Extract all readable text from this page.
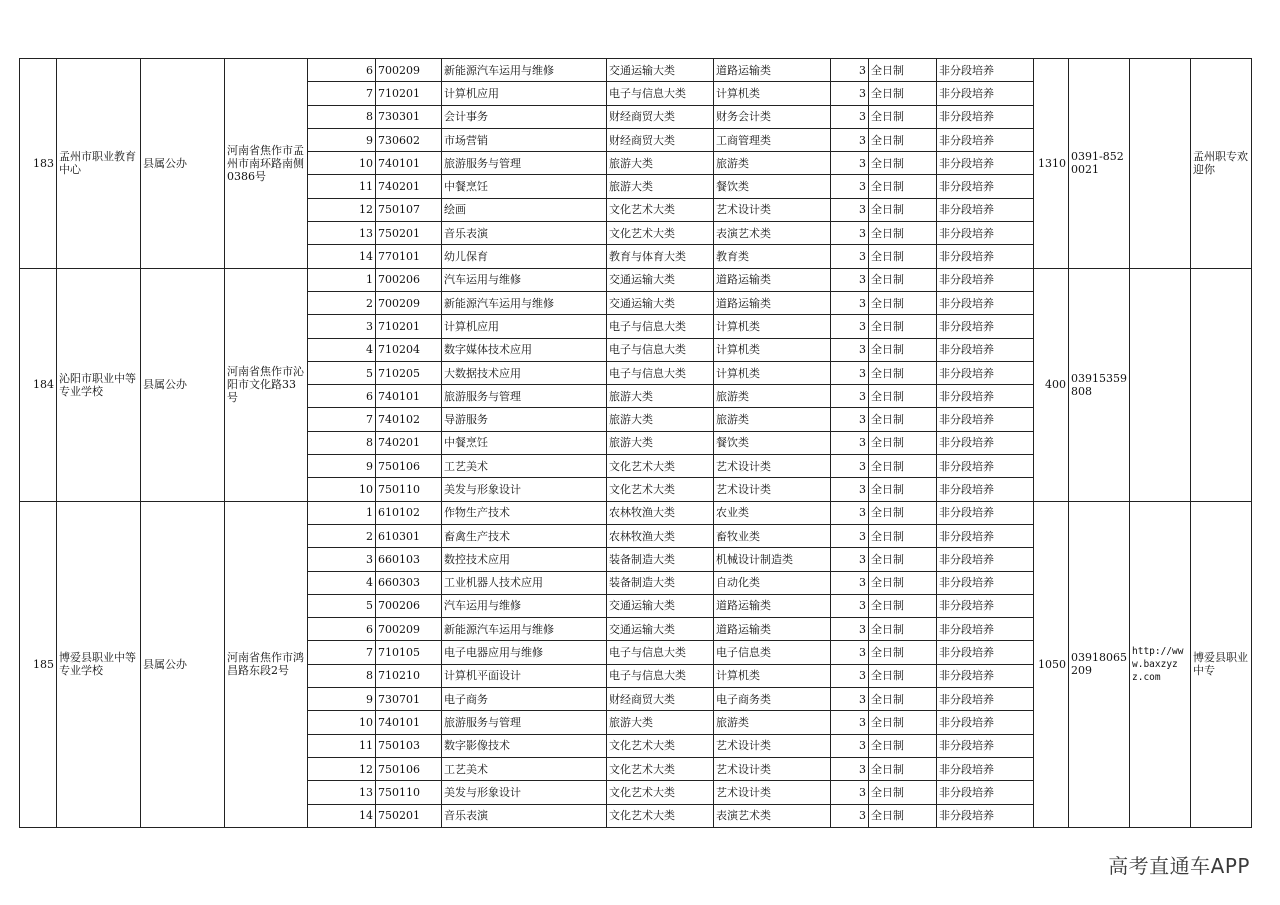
183	孟州市职业教育中心	县属公办	河南省焦作市孟州市南环路南侧0386号	6	700209	新能源汽车运用与维修	交通运输大类	道路运输类	3	全日制	非分段培养	1310	0391-8520021		孟州职专欢迎你
				7	710201	计算机应用	电子与信息大类	计算机类	3	全日制	非分段培养				
				8	730301	会计事务	财经商贸大类	财务会计类	3	全日制	非分段培养				
				9	730602	市场营销	财经商贸大类	工商管理类	3	全日制	非分段培养				
				10	740101	旅游服务与管理	旅游大类	旅游类	3	全日制	非分段培养				
				11	740201	中餐烹饪	旅游大类	餐饮类	3	全日制	非分段培养				
				12	750107	绘画	文化艺术大类	艺术设计类	3	全日制	非分段培养				
				13	750201	音乐表演	文化艺术大类	表演艺术类	3	全日制	非分段培养				
				14	770101	幼儿保育	教育与体育大类	教育类	3	全日制	非分段培养				
184	沁阳市职业中等专业学校	县属公办	河南省焦作市沁阳市文化路33号	1	700206	汽车运用与维修	交通运输大类	道路运输类	3	全日制	非分段培养	400	03915359808		
				2	700209	新能源汽车运用与维修	交通运输大类	道路运输类	3	全日制	非分段培养				
				3	710201	计算机应用	电子与信息大类	计算机类	3	全日制	非分段培养				
				4	710204	数字媒体技术应用	电子与信息大类	计算机类	3	全日制	非分段培养				
				5	710205	大数据技术应用	电子与信息大类	计算机类	3	全日制	非分段培养				
				6	740101	旅游服务与管理	旅游大类	旅游类	3	全日制	非分段培养				
				7	740102	导游服务	旅游大类	旅游类	3	全日制	非分段培养				
				8	740201	中餐烹饪	旅游大类	餐饮类	3	全日制	非分段培养				
				9	750106	工艺美术	文化艺术大类	艺术设计类	3	全日制	非分段培养				
				10	750110	美发与形象设计	文化艺术大类	艺术设计类	3	全日制	非分段培养				
185	博爱县职业中等专业学校	县属公办	河南省焦作市鸿昌路东段2号	1	610102	作物生产技术	农林牧渔大类	农业类	3	全日制	非分段培养	1050	03918065209	http://www.baxzyzz.com	博爱县职业中专
				2	610301	畜禽生产技术	农林牧渔大类	畜牧业类	3	全日制	非分段培养				
				3	660103	数控技术应用	装备制造大类	机械设计制造类	3	全日制	非分段培养				
				4	660303	工业机器人技术应用	装备制造大类	自动化类	3	全日制	非分段培养				
				5	700206	汽车运用与维修	交通运输大类	道路运输类	3	全日制	非分段培养				
				6	700209	新能源汽车运用与维修	交通运输大类	道路运输类	3	全日制	非分段培养				
				7	710105	电子电器应用与维修	电子与信息大类	电子信息类	3	全日制	非分段培养				
				8	710210	计算机平面设计	电子与信息大类	计算机类	3	全日制	非分段培养				
				9	730701	电子商务	财经商贸大类	电子商务类	3	全日制	非分段培养				
				10	740101	旅游服务与管理	旅游大类	旅游类	3	全日制	非分段培养				
				11	750103	数字影像技术	文化艺术大类	艺术设计类	3	全日制	非分段培养				
				12	750106	工艺美术	文化艺术大类	艺术设计类	3	全日制	非分段培养				
				13	750110	美发与形象设计	文化艺术大类	艺术设计类	3	全日制	非分段培养				
				14	750201	音乐表演	文化艺术大类	表演艺术类	3	全日制	非分段培养				
高考直通车APP
